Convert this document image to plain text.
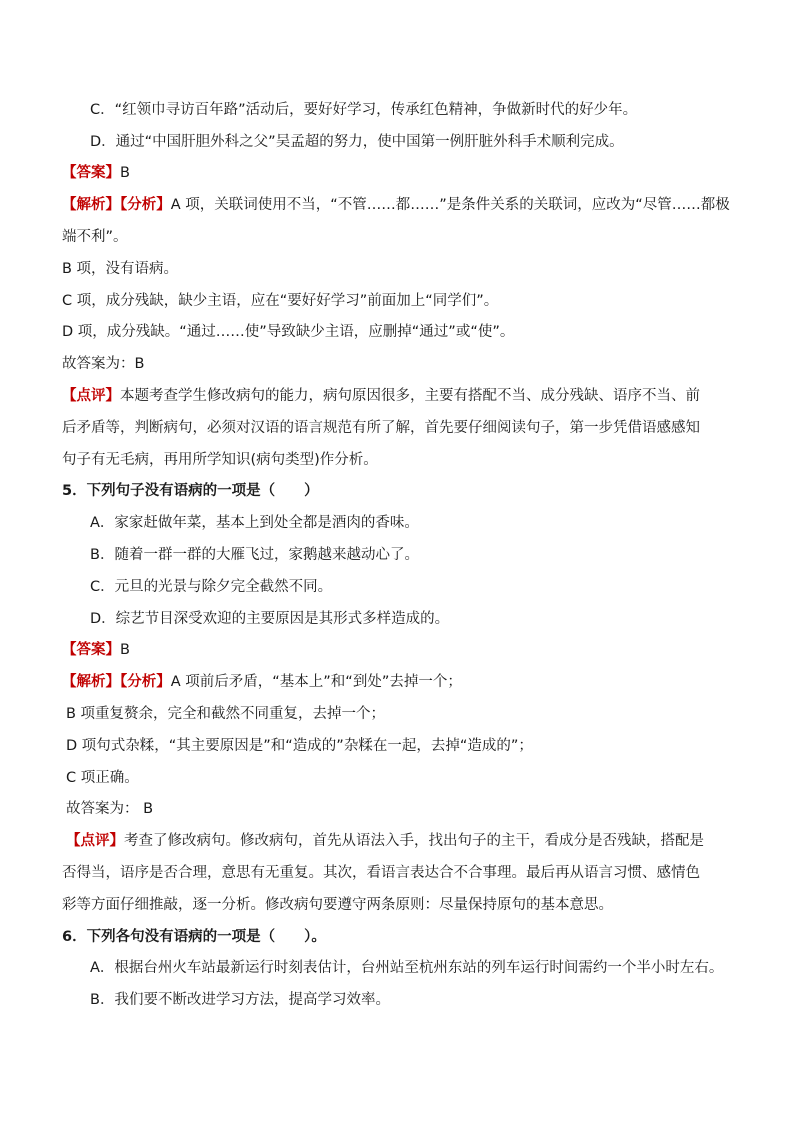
C．“红领巾寻访百年路”活动后，要好好学习，传承红色精神，争做新时代的好少年。
D．通过“中国肝胆外科之父”吴孟超的努力，使中国第一例肝脏外科手术顺利完成。
【答案】B
【解析】【分析】A 项，关联词使用不当，“不管……都……”是条件关系的关联词，应改为“尽管……都极
端不利”。
B 项，没有语病。
C 项，成分残缺，缺少主语，应在“要好好学习”前面加上“同学们”。
D 项，成分残缺。“通过……使”导致缺少主语，应删掉“通过”或“使”。
故答案为：B
【点评】本题考查学生修改病句的能力，病句原因很多，主要有搭配不当、成分残缺、语序不当、前
后矛盾等，判断病句，必须对汉语的语言规范有所了解，首先要仔细阅读句子，第一步凭借语感感知
句子有无毛病，再用所学知识(病句类型)作分析。
5．下列句子没有语病的一项是（　　）
A．家家赶做年菜，基本上到处全都是酒肉的香味。
B．随着一群一群的大雁飞过，家鹅越来越动心了。
C．元旦的光景与除夕完全截然不同。
D．综艺节目深受欢迎的主要原因是其形式多样造成的。
【答案】B
【解析】【分析】A 项前后矛盾，“基本上”和“到处”去掉一个；
B 项重复赘余，完全和截然不同重复，去掉一个；
D 项句式杂糅，“其主要原因是”和“造成的”杂糅在一起，去掉“造成的”；
C 项正确。
故答案为： B
【点评】考查了修改病句。修改病句，首先从语法入手，找出句子的主干，看成分是否残缺，搭配是
否得当，语序是否合理，意思有无重复。其次，看语言表达合不合事理。最后再从语言习惯、感情色
彩等方面仔细推敲，逐一分析。修改病句要遵守两条原则：尽量保持原句的基本意思。
6．下列各句没有语病的一项是（　　）。
A．根据台州火车站最新运行时刻表估计，台州站至杭州东站的列车运行时间需约一个半小时左右。
B．我们要不断改进学习方法，提高学习效率。
